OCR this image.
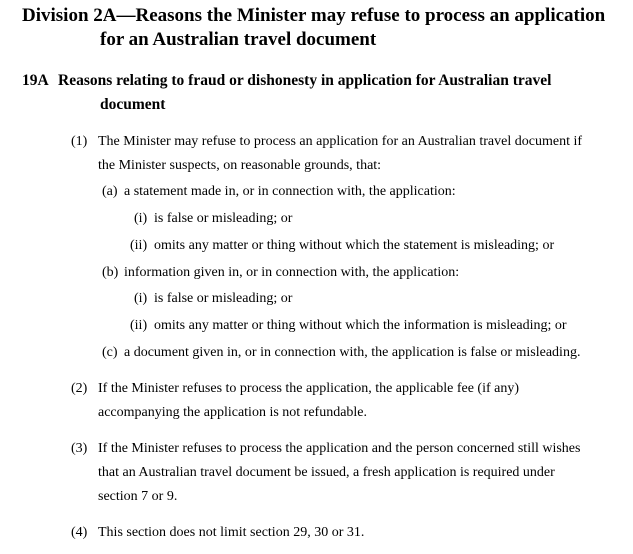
Division 2A—Reasons the Minister may refuse to process an application
for an Australian travel document
19A Reasons relating to fraud or dishonesty in application for Australian travel
document
(1) The Minister may refuse to process an application for an Australian travel document if
the Minister suspects, on reasonable grounds, that:
(a) a statement made in, or in connection with, the application:
(i) is false or misleading; or
(ii) omits any matter or thing without which the statement is misleading; or
(b) information given in, or in connection with, the application:
(i) is false or misleading; or
(ii) omits any matter or thing without which the information is misleading; or
(c) a document given in, or in connection with, the application is false or misleading.
(2) If the Minister refuses to process the application, the applicable fee (if any)
accompanying the application is not refundable.
(3) If the Minister refuses to process the application and the person concerned still wishes
that an Australian travel document be issued, a fresh application is required under
section 7 or 9.
(4) This section does not limit section 29, 30 or 31.
